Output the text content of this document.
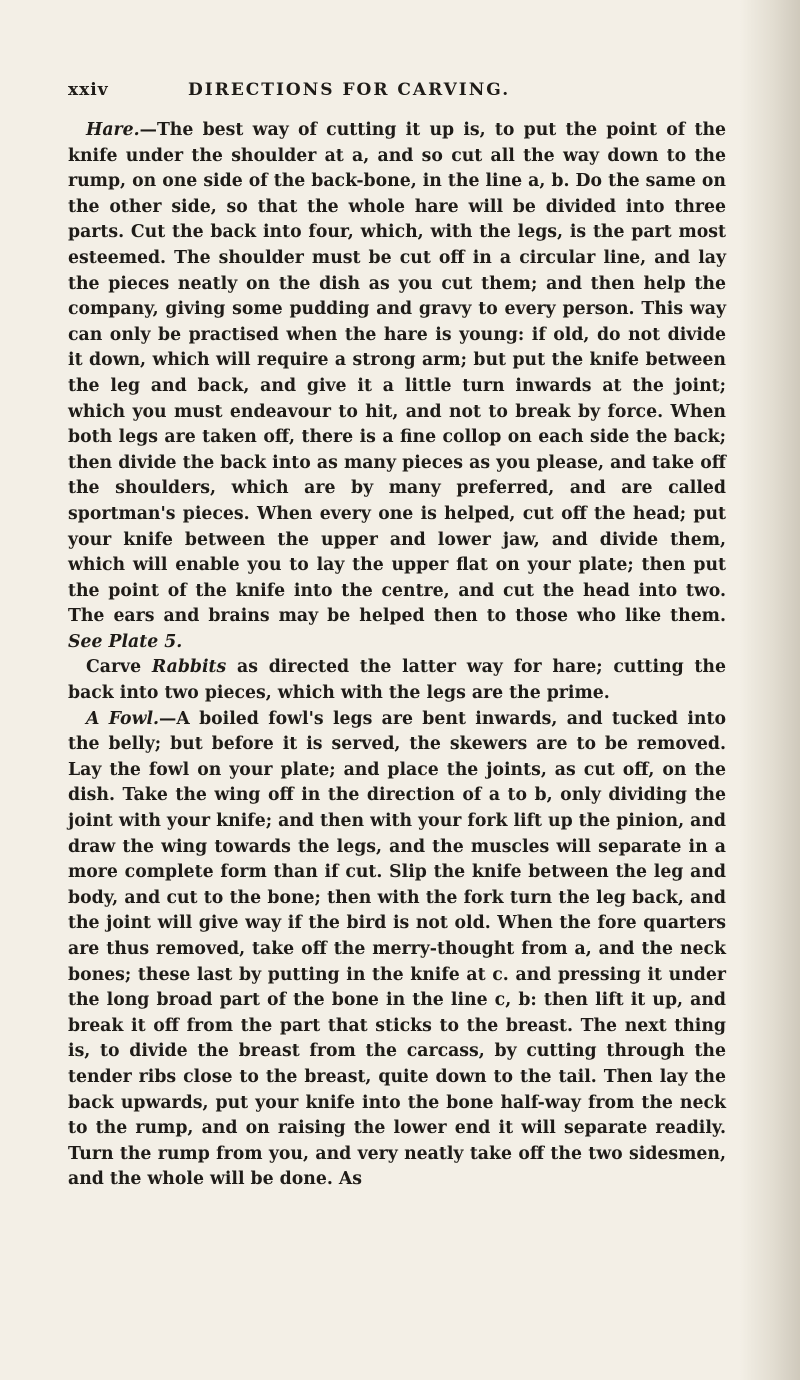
xxiv	DIRECTIONS FOR CARVING.

Hare.—The best way of cutting it up is, to put the point of the knife under the shoulder at a, and so cut all the way down to the rump, on one side of the back-bone, in the line a, b. Do the same on the other side, so that the whole hare will be divided into three parts. Cut the back into four, which, with the legs, is the part most esteemed. The shoulder must be cut off in a circular line, and lay the pieces neatly on the dish as you cut them; and then help the company, giving some pudding and gravy to every person. This way can only be practised when the hare is young: if old, do not divide it down, which will require a strong arm; but put the knife between the leg and back, and give it a little turn inwards at the joint; which you must endeavour to hit, and not to break by force. When both legs are taken off, there is a fine collop on each side the back; then divide the back into as many pieces as you please, and take off the shoulders, which are by many preferred, and are called sportman's pieces. When every one is helped, cut off the head; put your knife between the upper and lower jaw, and divide them, which will enable you to lay the upper flat on your plate; then put the point of the knife into the centre, and cut the head into two. The ears and brains may be helped then to those who like them. See Plate 5.

Carve Rabbits as directed the latter way for hare; cutting the back into two pieces, which with the legs are the prime.

A Fowl.—A boiled fowl's legs are bent inwards, and tucked into the belly; but before it is served, the skewers are to be removed. Lay the fowl on your plate; and place the joints, as cut off, on the dish. Take the wing off in the direction of a to b, only dividing the joint with your knife; and then with your fork lift up the pinion, and draw the wing towards the legs, and the muscles will separate in a more complete form than if cut. Slip the knife between the leg and body, and cut to the bone; then with the fork turn the leg back, and the joint will give way if the bird is not old. When the fore quarters are thus removed, take off the merry-thought from a, and the neck bones; these last by putting in the knife at c. and pressing it under the long broad part of the bone in the line c, b: then lift it up, and break it off from the part that sticks to the breast. The next thing is, to divide the breast from the carcass, by cutting through the tender ribs close to the breast, quite down to the tail. Then lay the back upwards, put your knife into the bone half-way from the neck to the rump, and on raising the lower end it will separate readily. Turn the rump from you, and very neatly take off the two sidesmen, and the whole will be done. As
